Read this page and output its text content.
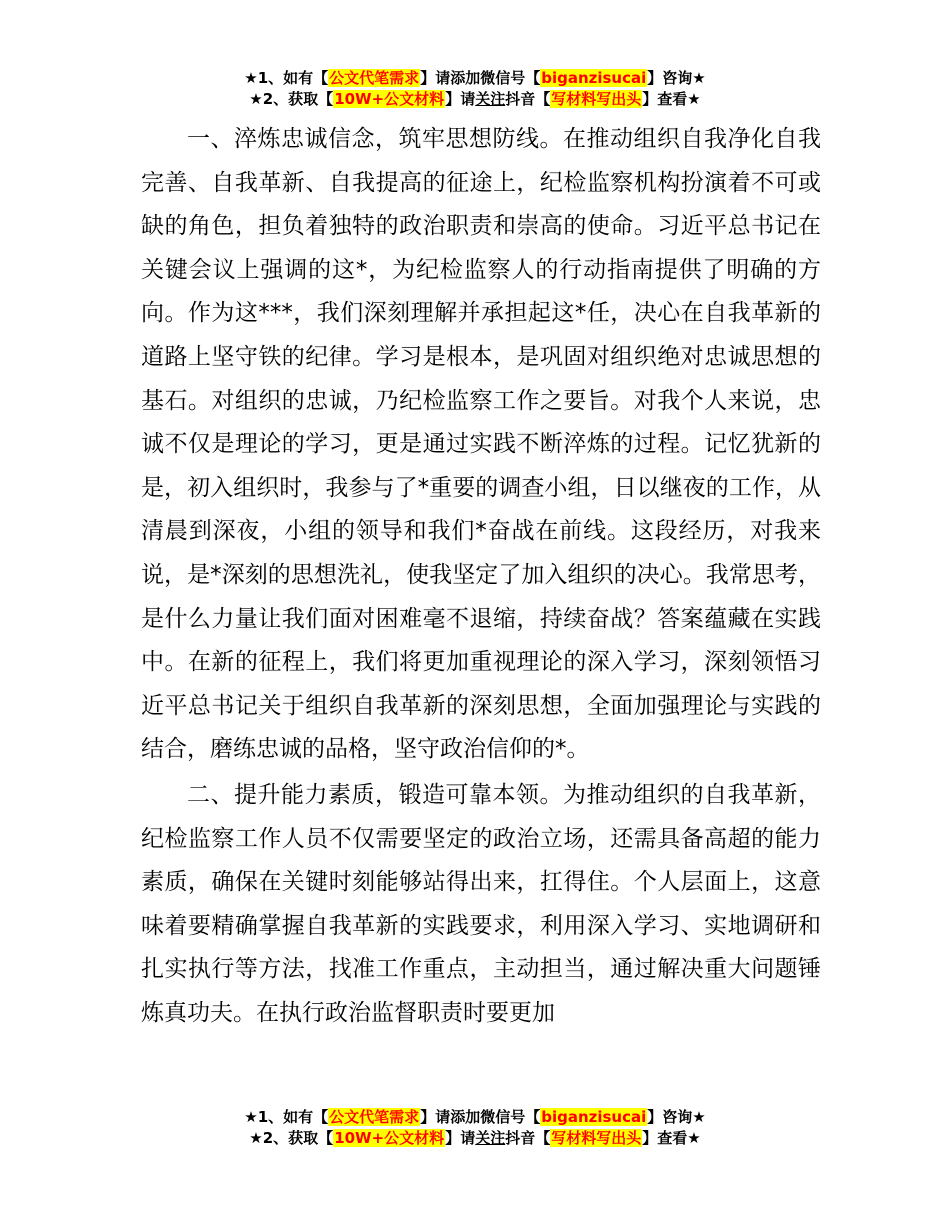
★1、如有【公文代笔需求】请添加微信号【biganzisucai】咨询★
★2、获取【10W+公文材料】请关注抖音【写材料写出头】查看★

一、淬炼忠诚信念，筑牢思想防线。在推动组织自我净化自我完善、自我革新、自我提高的征途上，纪检监察机构扮演着不可或缺的角色，担负着独特的政治职责和崇高的使命。习近平总书记在关键会议上强调的这*，为纪检监察人的行动指南提供了明确的方向。作为这***，我们深刻理解并承担起这*任，决心在自我革新的道路上坚守铁的纪律。学习是根本，是巩固对组织绝对忠诚思想的基石。对组织的忠诚，乃纪检监察工作之要旨。对我个人来说，忠诚不仅是理论的学习，更是通过实践不断淬炼的过程。记忆犹新的是，初入组织时，我参与了*重要的调查小组，日以继夜的工作，从清晨到深夜，小组的领导和我们*奋战在前线。这段经历，对我来说，是*深刻的思想洗礼，使我坚定了加入组织的决心。我常思考，是什么力量让我们面对困难毫不退缩，持续奋战？答案蕴藏在实践中。在新的征程上，我们将更加重视理论的深入学习，深刻领悟习近平总书记关于组织自我革新的深刻思想，全面加强理论与实践的结合，磨练忠诚的品格，坚守政治信仰的*。

二、提升能力素质，锻造可靠本领。为推动组织的自我革新，纪检监察工作人员不仅需要坚定的政治立场，还需具备高超的能力素质，确保在关键时刻能够站得出来，扛得住。个人层面上，这意味着要精确掌握自我革新的实践要求，利用深入学习、实地调研和扎实执行等方法，找准工作重点，主动担当，通过解决重大问题锤炼真功夫。在执行政治监督职责时要更加

★1、如有【公文代笔需求】请添加微信号【biganzisucai】咨询★
★2、获取【10W+公文材料】请关注抖音【写材料写出头】查看★
